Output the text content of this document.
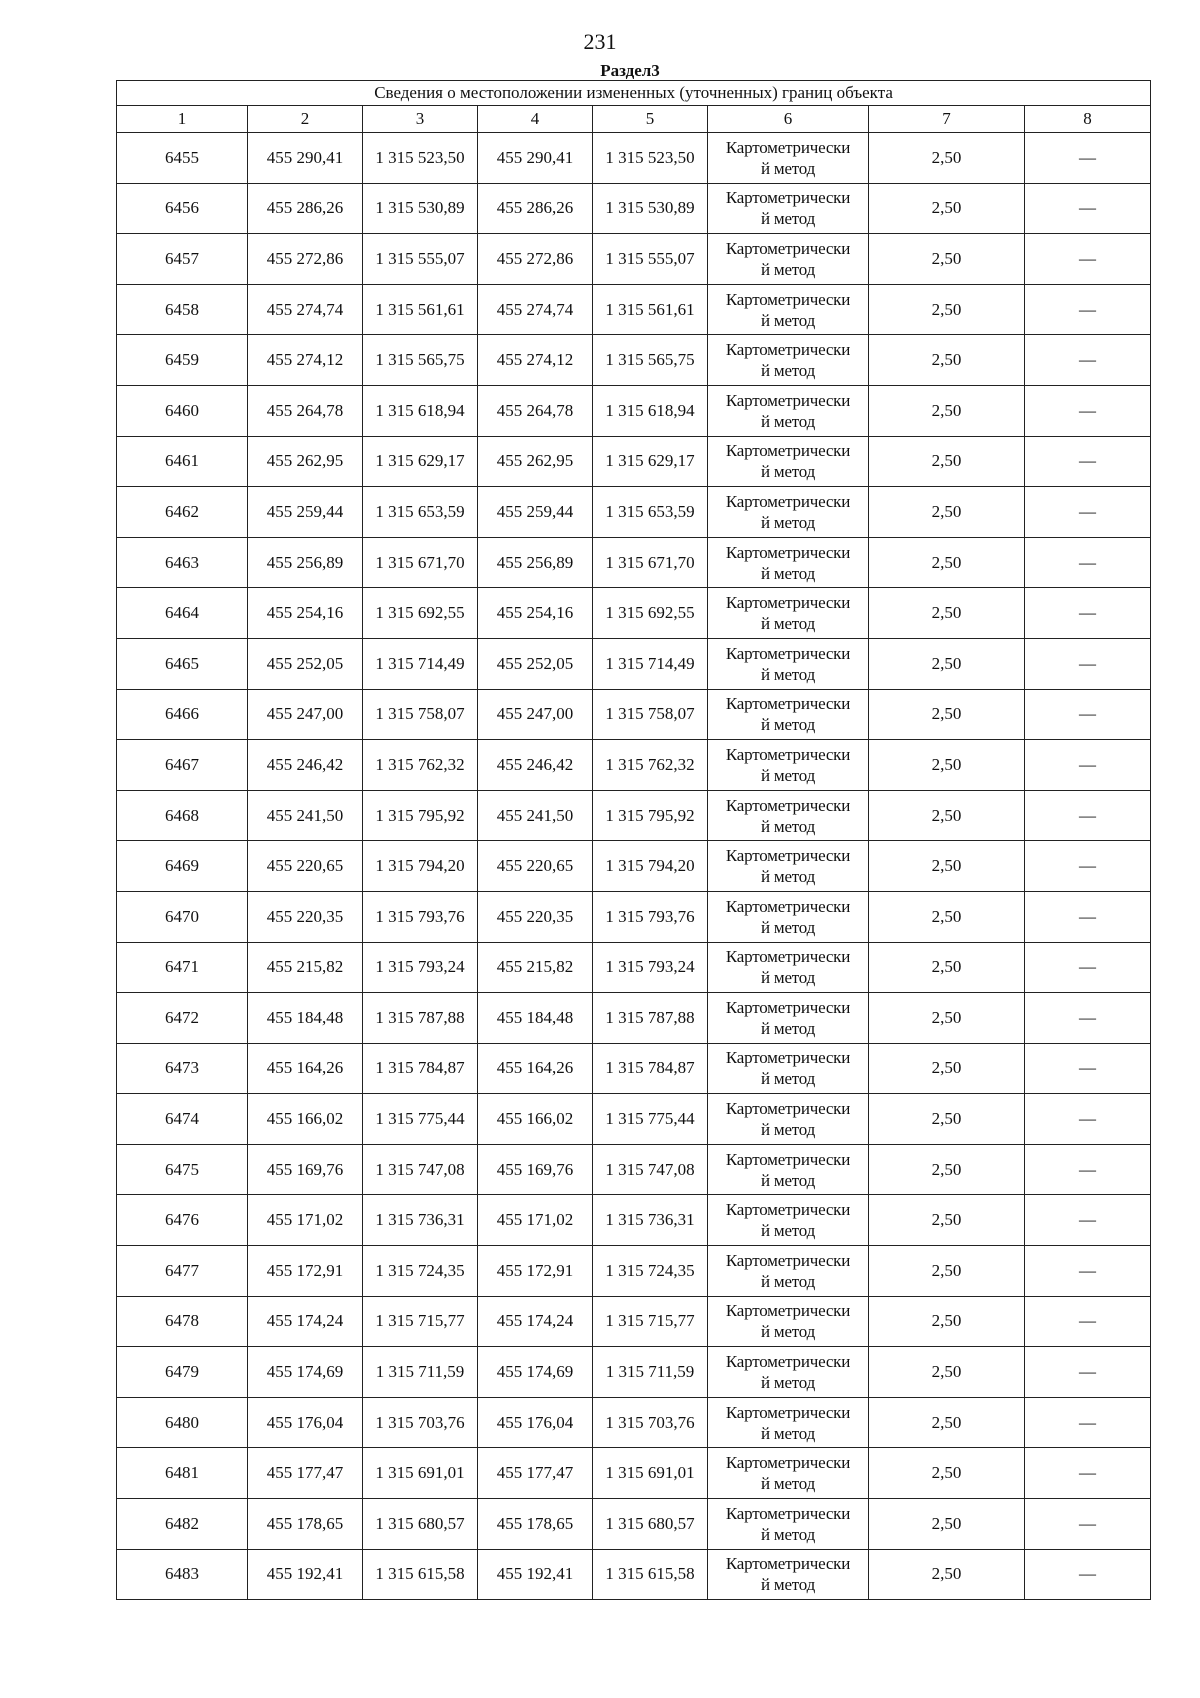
231
Раздел3
Сведения о местоположении измененных (уточненных) границ объекта							
1	2	3	4	5	6	7	8
6455	455 290,41	1 315 523,50	455 290,41	1 315 523,50	Картометрически
й метод	2,50	—
6456	455 286,26	1 315 530,89	455 286,26	1 315 530,89	Картометрически
й метод	2,50	—
6457	455 272,86	1 315 555,07	455 272,86	1 315 555,07	Картометрически
й метод	2,50	—
6458	455 274,74	1 315 561,61	455 274,74	1 315 561,61	Картометрически
й метод	2,50	—
6459	455 274,12	1 315 565,75	455 274,12	1 315 565,75	Картометрически
й метод	2,50	—
6460	455 264,78	1 315 618,94	455 264,78	1 315 618,94	Картометрически
й метод	2,50	—
6461	455 262,95	1 315 629,17	455 262,95	1 315 629,17	Картометрически
й метод	2,50	—
6462	455 259,44	1 315 653,59	455 259,44	1 315 653,59	Картометрически
й метод	2,50	—
6463	455 256,89	1 315 671,70	455 256,89	1 315 671,70	Картометрически
й метод	2,50	—
6464	455 254,16	1 315 692,55	455 254,16	1 315 692,55	Картометрически
й метод	2,50	—
6465	455 252,05	1 315 714,49	455 252,05	1 315 714,49	Картометрически
й метод	2,50	—
6466	455 247,00	1 315 758,07	455 247,00	1 315 758,07	Картометрически
й метод	2,50	—
6467	455 246,42	1 315 762,32	455 246,42	1 315 762,32	Картометрически
й метод	2,50	—
6468	455 241,50	1 315 795,92	455 241,50	1 315 795,92	Картометрически
й метод	2,50	—
6469	455 220,65	1 315 794,20	455 220,65	1 315 794,20	Картометрически
й метод	2,50	—
6470	455 220,35	1 315 793,76	455 220,35	1 315 793,76	Картометрически
й метод	2,50	—
6471	455 215,82	1 315 793,24	455 215,82	1 315 793,24	Картометрически
й метод	2,50	—
6472	455 184,48	1 315 787,88	455 184,48	1 315 787,88	Картометрически
й метод	2,50	—
6473	455 164,26	1 315 784,87	455 164,26	1 315 784,87	Картометрически
й метод	2,50	—
6474	455 166,02	1 315 775,44	455 166,02	1 315 775,44	Картометрически
й метод	2,50	—
6475	455 169,76	1 315 747,08	455 169,76	1 315 747,08	Картометрически
й метод	2,50	—
6476	455 171,02	1 315 736,31	455 171,02	1 315 736,31	Картометрически
й метод	2,50	—
6477	455 172,91	1 315 724,35	455 172,91	1 315 724,35	Картометрически
й метод	2,50	—
6478	455 174,24	1 315 715,77	455 174,24	1 315 715,77	Картометрически
й метод	2,50	—
6479	455 174,69	1 315 711,59	455 174,69	1 315 711,59	Картометрически
й метод	2,50	—
6480	455 176,04	1 315 703,76	455 176,04	1 315 703,76	Картометрически
й метод	2,50	—
6481	455 177,47	1 315 691,01	455 177,47	1 315 691,01	Картометрически
й метод	2,50	—
6482	455 178,65	1 315 680,57	455 178,65	1 315 680,57	Картометрически
й метод	2,50	—
6483	455 192,41	1 315 615,58	455 192,41	1 315 615,58	Картометрически
й метод	2,50	—
